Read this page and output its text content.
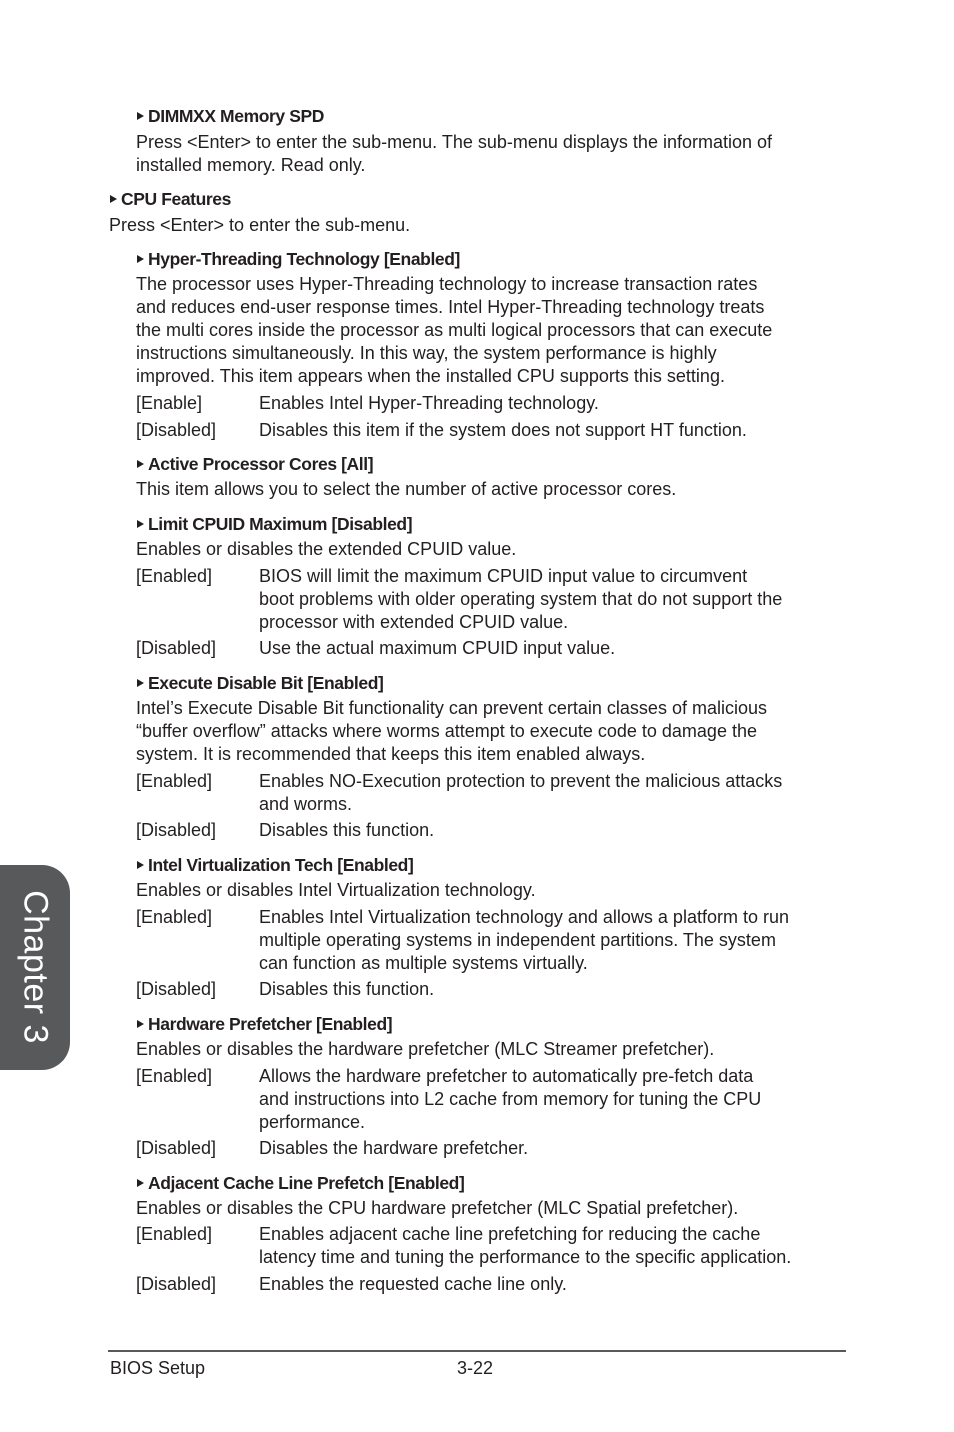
Chapter 3
DIMMXX Memory SPD
Press <Enter> to enter the sub-menu. The sub-menu displays the information of
installed memory. Read only.
CPU Features
Press <Enter> to enter the sub-menu.
Hyper-Threading Technology [Enabled]
The processor uses Hyper-Threading technology to increase transaction rates
and reduces end-user response times. Intel Hyper-Threading technology treats
the multi cores inside the processor as multi logical processors that can execute
instructions simultaneously. In this way, the system performance is highly
improved. This item appears when the installed CPU supports this setting.
[Enable]	Enables Intel Hyper-Threading technology.
[Disabled] Disables this item if the system does not support HT function.
Active Processor Cores [All]
This item allows you to select the number of active processor cores.
Limit CPUID Maximum [Disabled]
Enables or disables the extended CPUID value.
[Enabled]	BIOS will limit the maximum CPUID input value to circumvent
boot problems with older operating system that do not support the
processor with extended CPUID value.
[Disabled] Use the actual maximum CPUID input value.
Execute Disable Bit [Enabled]
Intel’s Execute Disable Bit functionality can prevent certain classes of malicious
“buffer overflow” attacks where worms attempt to execute code to damage the
system. It is recommended that keeps this item enabled always.
[Enabled]	Enables NO-Execution protection to prevent the malicious attacks
and worms.
[Disabled] Disables this function.
Intel Virtualization Tech [Enabled]
Enables or disables Intel Virtualization technology.
[Enabled]	Enables Intel Virtualization technology and allows a platform to run
multiple operating systems in independent partitions. The system
can function as multiple systems virtually.
[Disabled] Disables this function.
Hardware Prefetcher [Enabled]
Enables or disables the hardware prefetcher (MLC Streamer prefetcher).
[Enabled]	Allows the hardware prefetcher to automatically pre-fetch data
and instructions into L2 cache from memory for tuning the CPU
performance.
[Disabled] Disables the hardware prefetcher.
Adjacent Cache Line Prefetch [Enabled]
Enables or disables the CPU hardware prefetcher (MLC Spatial prefetcher).
[Enabled]	Enables adjacent cache line prefetching for reducing the cache
latency time and tuning the performance to the specific application.
[Disabled] Enables the requested cache line only.
BIOS Setup	3-22
